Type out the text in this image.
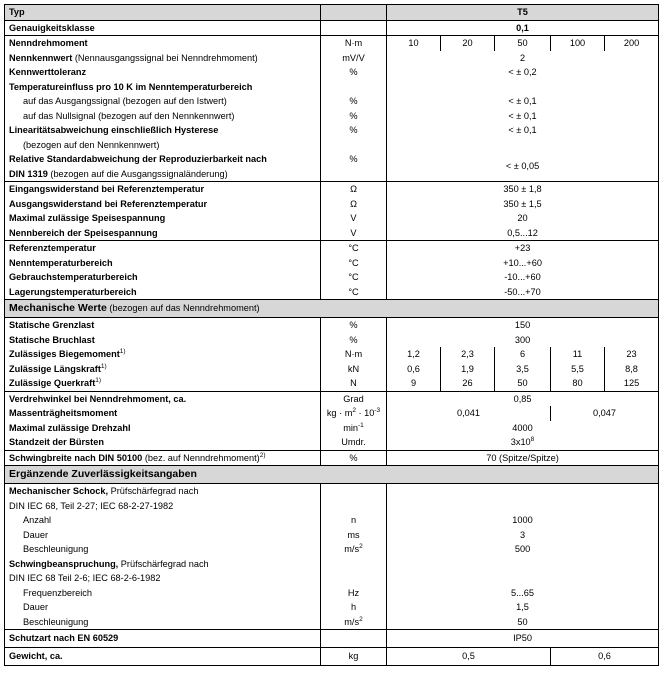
Typ		T5				
Genauigkeitsklasse		0,1				
Nenndrehmoment	N·m	10	20	50	100	200
Nennkennwert (Nennausgangssignal bei Nenndrehmoment)	mV/V	2				
Kennwerttoleranz	%	< ± 0,2				
Temperatureinfluss pro 10 K im Nenntemperaturbereich						
auf das Ausgangssignal (bezogen auf den Istwert)	%	< ± 0,1				
auf das Nullsignal (bezogen auf den Nennkennwert)	%	< ± 0,1				
Linearitätsabweichung einschließlich Hysterese	%	< ± 0,1				
(bezogen auf den Nennkennwert)						

Relative Standardabweichung der Reproduzierbarkeit nach
DIN 1319 (bezogen auf die Ausgangssignaländerung)	%	< ± 0,05				
Eingangswiderstand bei Referenztemperatur	Ω	350 ± 1,8				
Ausgangswiderstand bei Referenztemperatur	Ω	350 ± 1,5				
Maximal zulässige Speisespannung	V	20				
Nennbereich der Speisespannung	V	0,5...12				
Referenztemperatur	°C	+23				
Nenntemperaturbereich	°C	+10...+60				
Gebrauchstemperaturbereich	°C	-10...+60				
Lagerungstemperaturbereich	°C	-50...+70				
Mechanische Werte (bezogen auf das Nenndrehmoment)						
Statische Grenzlast	%	150				
Statische Bruchlast	%	300				
Zulässiges Biegemoment$^{1)}$	N·m	1,2	2,3	6	11	23
Zulässige Längskraft$^{1)}$	kN	0,6	1,9	3,5	5,5	8,8
Zulässige Querkraft$^{1)}$	N	9	26	50	80	125
Verdrehwinkel bei Nenndrehmoment, ca.	Grad	0,85				
Massenträgheitsmoment	kg · $m^2 \cdot 10^{-3}$	0,041			0,047	
Maximal zulässige Drehzahl	$\min^{-1}$	4000				
Standzeit der Bürsten	Umdr.	$3x10^8$
Schwingbreite nach DIN 50100 (bez. auf Nenndrehmoment)$^{2)}$	%	70 (Spitze/Spitze)				
Ergänzende Zuverlässigkeitsangaben						
Mechanischer Schock, Prüfschärfegrad nach						
DIN IEC 68, Teil 2-27; IEC 68-2-27-1982						
Anzahl	n	1000				
Dauer	ms	3				
Beschleunigung	$m/s^2$	500				
Schwingbeanspruchung, Prüfschärfegrad nach						
DIN IEC 68 Teil 2-6; IEC 68-2-6-1982						
Frequenzbereich	Hz	5...65				
Dauer	h	1,5				
Beschleunigung	$m/s^2$	50				
Schutzart nach EN 60529		IP50				
Gewicht, ca.	kg	0,5			0,6	
